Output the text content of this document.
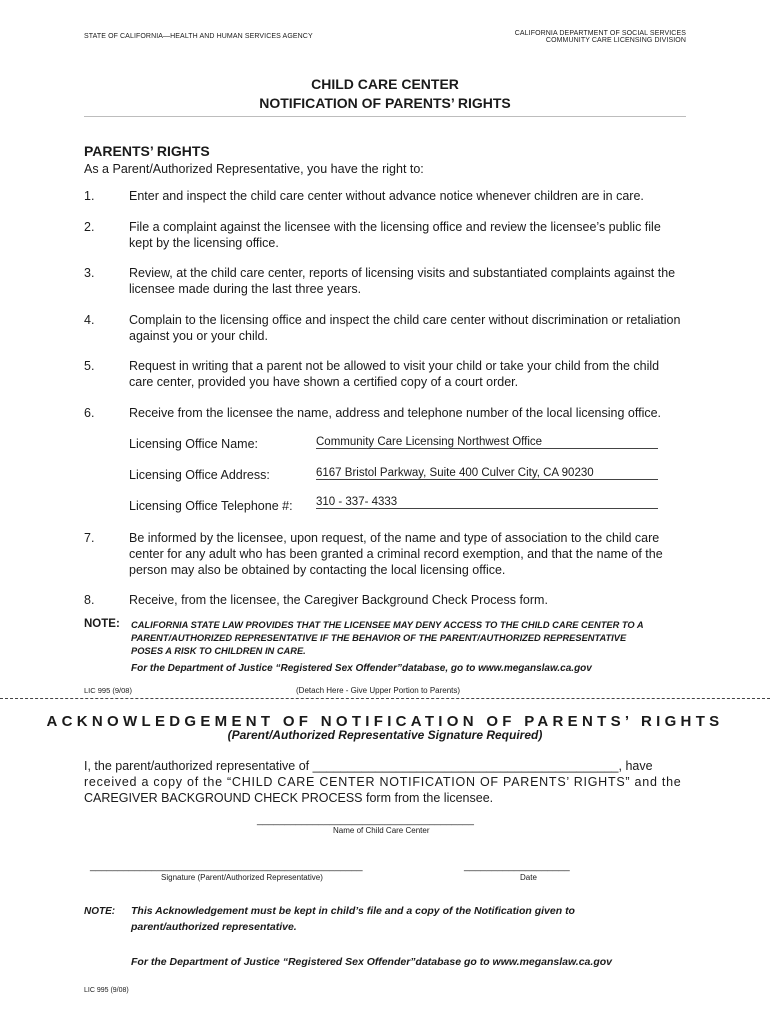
STATE OF CALIFORNIA—HEALTH AND HUMAN SERVICES AGENCY	CALIFORNIA DEPARTMENT OF SOCIAL SERVICES
COMMUNITY CARE LICENSING DIVISION
CHILD CARE CENTER
NOTIFICATION OF PARENTS’ RIGHTS
PARENTS’ RIGHTS
As a Parent/Authorized Representative, you have the right to:
1.	Enter and inspect the child care center without advance notice whenever children are in care.
2.	File a complaint against the licensee with the licensing office and review the licensee’s public file
kept by the licensing office.
3.	Review, at the child care center, reports of licensing visits and substantiated complaints against the
licensee made during the last three years.
4.	Complain to the licensing office and inspect the child care center without discrimination or retaliation
against you or your child.
5.	Request in writing that a parent not be allowed to visit your child or take your child from the child
care center, provided you have shown a certified copy of a court order.
6.	Receive from the licensee the name, address and telephone number of the local licensing office.
Licensing Office Name:	Community Care Licensing Northwest Office
Licensing Office Address:	6167 Bristol Parkway, Suite 400 Culver City, CA 90230
Licensing Office Telephone #: 310 - 337- 4333
7.	Be informed by the licensee, upon request, of the name and type of association to the child care
center for any adult who has been granted a criminal record exemption, and that the name of the
person may also be obtained by contacting the local licensing office.
8.	Receive, from the licensee, the Caregiver Background Check Process form.
NOTE: CALIFORNIA STATE LAW PROVIDES THAT THE LICENSEE MAY DENY ACCESS TO THE CHILD CARE CENTER TO A
PARENT/AUTHORIZED REPRESENTATIVE IF THE BEHAVIOR OF THE PARENT/AUTHORIZED REPRESENTATIVE
POSES A RISK TO CHILDREN IN CARE.
For the Department of Justice “Registered Sex Offender”database, go to www.meganslaw.ca.gov
LIC 995 (9/08)	(Detach Here - Give Upper Portion to Parents)
ACKNOWLEDGEMENT OF NOTIFICATION OF PARENTS’ RIGHTS
(Parent/Authorized Representative Signature Required)
I, the parent/authorized representative of ____________________________________________, have
received a copy of the “CHILD CARE CENTER NOTIFICATION OF PARENTS’ RIGHTS” and the
CAREGIVER BACKGROUND CHECK PROCESS form from the licensee.
_______________________________________
Name of Child Care Center
_________________________________________________
Signature (Parent/Authorized Representative)
___________________
Date
NOTE: This Acknowledgement must be kept in child’s file and a copy of the Notification given to
parent/authorized representative.
For the Department of Justice “Registered Sex Offender”database go to www.meganslaw.ca.gov
LIC 995 (9/08)
